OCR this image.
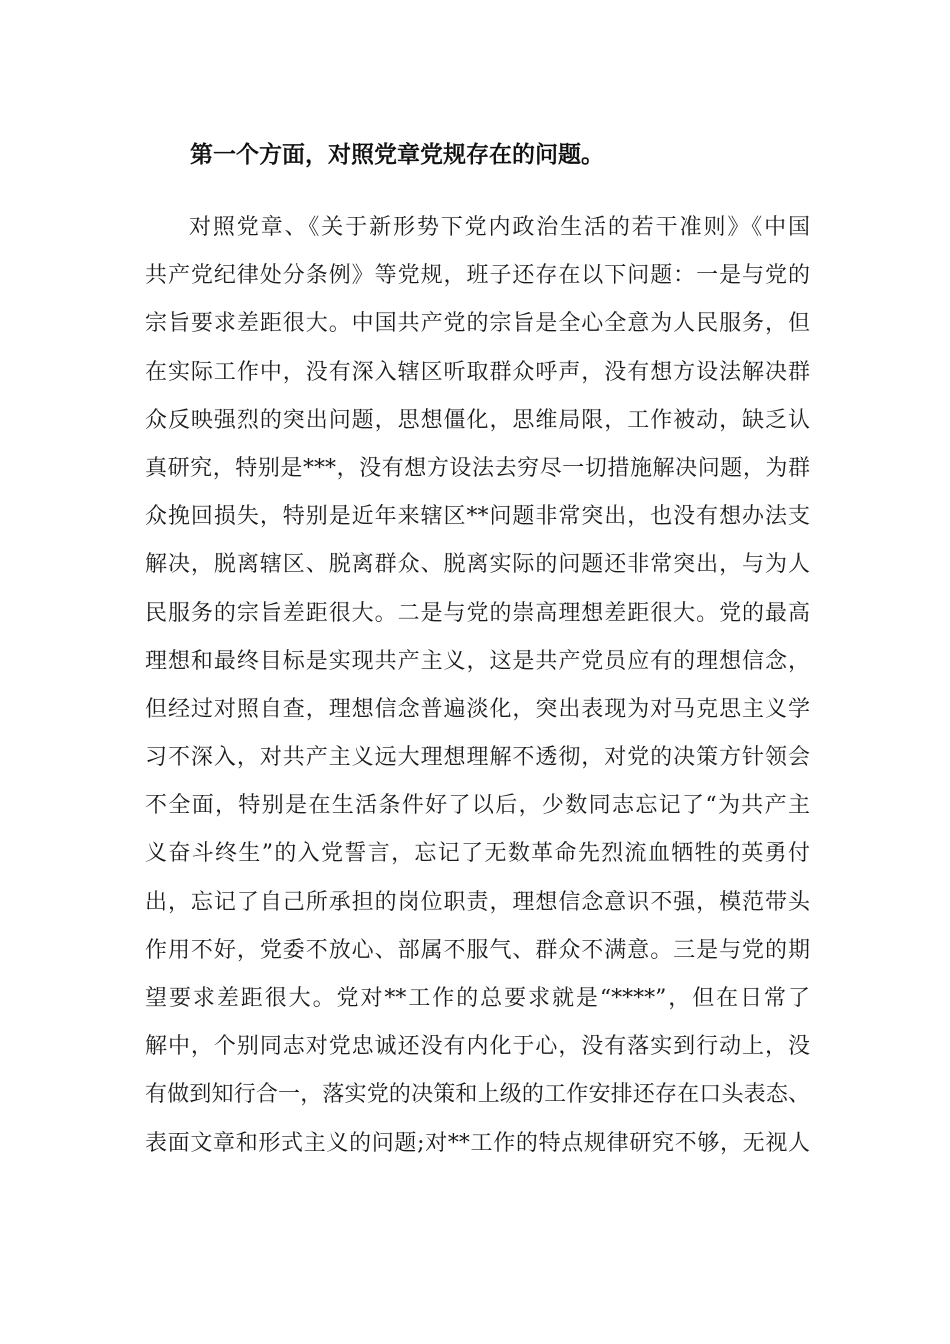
第一个方面，对照党章党规存在的问题。
对照党章、《关于新形势下党内政治生活的若干准则》《中国
共产党纪律处分条例》等党规，班子还存在以下问题：一是与党的
宗旨要求差距很大。中国共产党的宗旨是全心全意为人民服务，但
在实际工作中，没有深入辖区听取群众呼声，没有想方设法解决群
众反映强烈的突出问题，思想僵化，思维局限，工作被动，缺乏认
真研究，特别是***，没有想方设法去穷尽一切措施解决问题，为群
众挽回损失，特别是近年来辖区**问题非常突出，也没有想办法支
解决，脱离辖区、脱离群众、脱离实际的问题还非常突出，与为人
民服务的宗旨差距很大。二是与党的崇高理想差距很大。党的最高
理想和最终目标是实现共产主义，这是共产党员应有的理想信念，
但经过对照自查，理想信念普遍淡化，突出表现为对马克思主义学
习不深入，对共产主义远大理想理解不透彻，对党的决策方针领会
不全面，特别是在生活条件好了以后，少数同志忘记了“为共产主
义奋斗终生”的入党誓言，忘记了无数革命先烈流血牺牲的英勇付
出，忘记了自己所承担的岗位职责，理想信念意识不强，模范带头
作用不好，党委不放心、部属不服气、群众不满意。三是与党的期
望要求差距很大。党对**工作的总要求就是“****”，但在日常了
解中，个别同志对党忠诚还没有内化于心，没有落实到行动上，没
有做到知行合一，落实党的决策和上级的工作安排还存在口头表态、
表面文章和形式主义的问题;对**工作的特点规律研究不够，无视人
